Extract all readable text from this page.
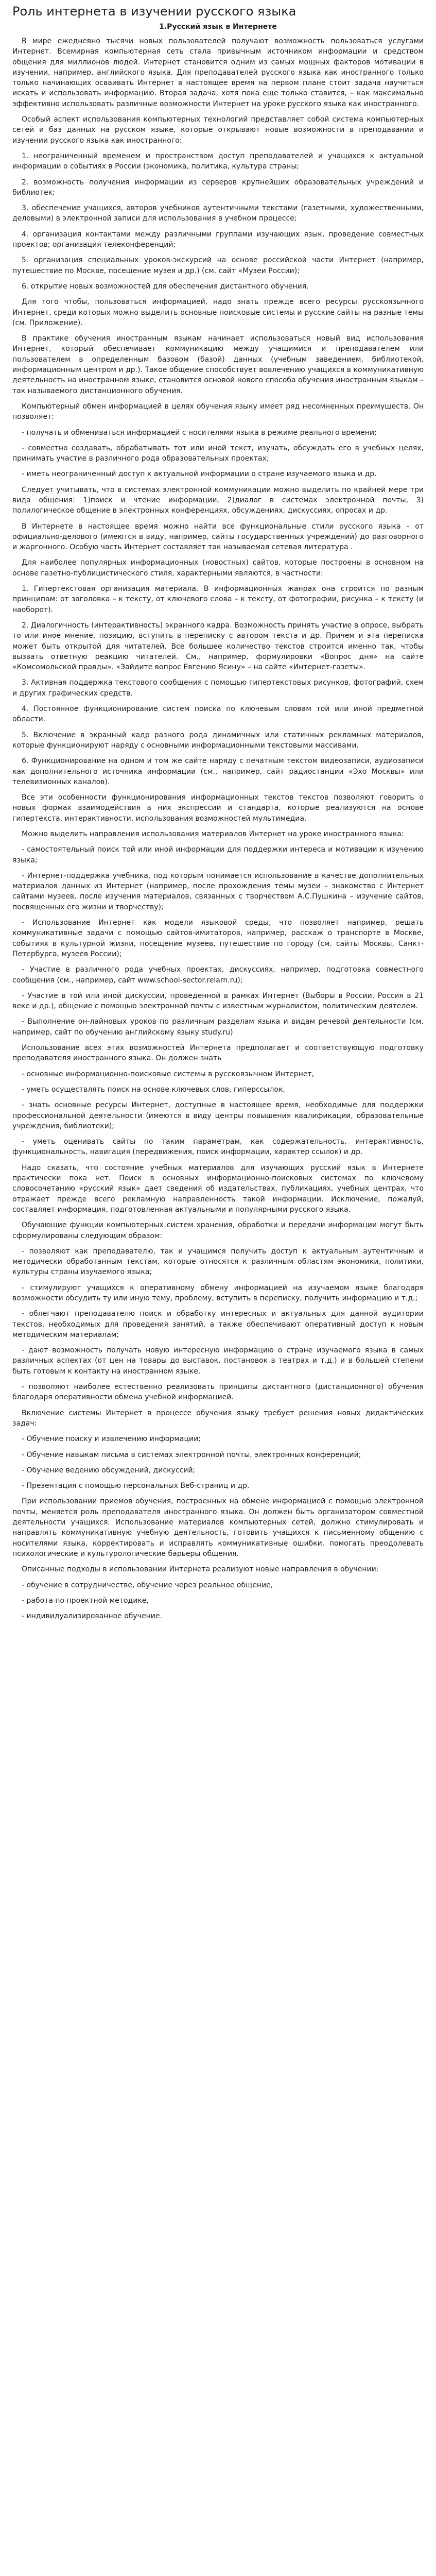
Роль интернета в изучении русского языка
1.Русский язык в Интернете

В мире ежедневно тысячи новых пользователей получают возможность пользоваться услугами Интернет. Всемирная компьютерная сеть стала привычным источником информации и средством общения для миллионов людей. Интернет становится одним из самых мощных факторов мотивации в изучении, например, английского языка. Для преподавателей русского языка как иностранного только только начинающих осваивать Интернет в настоящее время на первом плане стоит задача научиться искать и использовать информацию. Вторая задача, хотя пока еще только ставится, – как максимально эффективно использовать различные возможности Интернет на уроке русского языка как иностранного.

Особый аспект использования компьютерных технологий представляет собой система компьютерных сетей и баз данных на русском языке, которые открывают новые возможности в преподавании и изучении русского языка как иностранного:

1. неограниченный временем и пространством доступ преподавателей и учащихся к актуальной информации о событиях в России (экономика, политика, культура страны;

2. возможность получения информации из серверов крупнейших образовательных учреждений и библиотек;

3. обеспечение учащихся, авторов учебников аутентичными текстами (газетными, художественными, деловыми) в электронной записи для использования в учебном процессе;

4. организация контактами между различными группами изучающих язык, проведение совместных проектов; организация телеконференций;

5. организация специальных уроков-экскурсий на основе российской части Интернет (например, путешествие по Москве, посещение музея и др.) (см. сайт «Музеи России);

6. открытие новых возможностей для обеспечения дистантного обучения.

Для того чтобы, пользоваться информацией, надо знать прежде всего ресурсы русскоязычного Интернет, среди которых можно выделить основные поисковые системы и русские сайты на разные темы (см. Приложение).

В практике обучения иностранным языкам начинает использоваться новый вид использования Интернет, который обеспечивает коммуникацию между учащимися и преподавателем или пользователем в определенным базовом (базой) данных (учебным заведением, библиотекой, информационным центром и др.). Такое общение способствует вовлечению учащихся в коммуникативную деятельность на иностранном языке, становится основой нового способа обучения иностранным языкам – так называемого дистанционного обучения.

Компьютерный обмен информацией в целях обучения языку имеет ряд несомненных преимуществ. Он позволяет:

- получать и обмениваться информацией с носителями языка в режиме реального времени;

- совместно создавать, обрабатывать тот или иной текст, изучать, обсуждать его в учебных целях, принимать участие в различного рода образовательных проектах;

- иметь неограниченный доступ к актуальной информации о стране изучаемого языка и др.

Следует учитывать, что в системах электронной коммуникации можно выделить по крайней мере три вида общения: 1)поиск и чтение информации, 2)диалог в системах электронной почты, 3) полилогическое общение в электронных конференциях, обсуждениях, дискуссиях, опросах и др.

В Интернете в настоящее время можно найти все функциональные стили русского языка – от официально-делового (имеются в виду, например, сайты государственных учреждений) до разговорного и жаргонного. Особую часть Интернет составляет так называемая сетевая литература .

Для наиболее популярных информационных (новостных) сайтов, которые построены в основном на основе газетно-публицистического стиля, характерными являются, в частности:

1. Гипертекстовая организация материала. В информационных жанрах она строится по разным принципам: от заголовка – к тексту, от ключевого слова – к тексту, от фотографии, рисунка – к тексту (и наоборот).

2. Диалогичность (интерактивность) экранного кадра. Возможность принять участие в опросе, выбрать то или иное мнение, позицию, вступить в переписку с автором текста и др. Причем и эта переписка может быть открытой для читателей. Все большее количество текстов строится именно так, чтобы вызвать ответную реакцию читателей. См., например, формулировки «Вопрос дня» на сайте «Комсомольской правды». «Зайдите вопрос Евгению Ясину» – на сайте «Интернет-газеты».

3. Активная поддержка текстового сообщения с помощью гипертекстовых рисунков, фотографий, схем и других графических средств.

4. Постоянное функционирование систем поиска по ключевым словам той или иной предметной области.

5. Включение в экранный кадр разного рода динамичных или статичных рекламных материалов, которые функционируют наряду с основными информационными текстовыми массивами.

6. Функционирование на одном и том же сайте наряду с печатным текстом видеозаписи, аудиозаписи как дополнительного источника информации (см., например, сайт радиостанции «Эхо Москвы» или телевизионных каналов).

Все эти особенности функционирования информационных текстов текстов позволяют говорить о новых формах взаимодействия в них экспрессии и стандарта, которые реализуются на основе гипертекста, интерактивности, использования возможностей мультимедиа.

Можно выделить направления использования материалов Интернет на уроке иностранного языка:

- самостоятельный поиск той или иной информации для поддержки интереса и мотивации к изучению языка;

- Интернет-поддержка учебника, под которым понимается использование в качестве дополнительных материалов данных из Интернет (например, после прохождения темы музеи – знакомство с Интернет сайтами музеев, после изучения материалов, связанных с творчеством А.С.Пушкина – изучение сайтов, посвященных его жизни и творчеству);

- Использование Интернет как модели языковой среды, что позволяет например, решать коммуникативные задачи с помощью сайтов-имитаторов, например, расскаж о транспорте в Москве, событиях в культурной жизни, посещение музеев, путешествие по городу (см. сайты Москвы, Санкт-Петербурга, музеев России);

- Участие в различного рода учебных проектах, дискуссиях, например, подготовка совместного сообщения (см., например, сайт www.school-sector.relarn.ru);

- Участие в той или иной дискуссии, проведенной в рамках Интернет (Выборы в России, Россия в 21 веке и др.), общение с помощью электронной почты с известным журналистом, политическим деятелем.

- Выполнение он-лайновых уроков по различным разделам языка и видам речевой деятельности (см. например, сайт по обучению английскому языку study.ru)

Использование всех этих возможностей Интернета предполагает и соответствующую подготовку преподавателя иностранного языка. Он должен знать

- основные информационно-поисковые системы в русскоязычном Интернет,

- уметь осуществлять поиск на основе ключевых слов, гиперссылок,

- знать основные ресурсы Интернет, доступные в настоящее время, необходимые для поддержки профессиональной деятельности (имеются в виду центры повышения квалификации, образовательные учреждения, библиотеки);

- уметь оценивать сайты по таким параметрам, как содержательность, интерактивность, функциональность, навигация (передвижения, поиск информации, характер ссылок) и др.

Надо сказать, что состояние учебных материалов для изучающих русский язык в Интернете практически пока нет. Поиск в основных информационно-поисковых системах по ключевому словосочетанию «русский язык» дает сведения об издательствах, публикациях, учебных центрах, что отражает прежде всего рекламную направленность такой информации. Исключение, пожалуй, составляет информация, подготовленная актуальными и популярными русского языка.

Обучающие функции компьютерных систем хранения, обработки и передачи информации могут быть сформулированы следующим образом:

- позволяют как преподавателю, так и учащимся получить доступ к актуальным аутентичным и методически обработанным текстам, которые относятся к различным областям экономики, политики, культуры страны изучаемого языка;

- стимулируют учащихся к оперативному обмену информацией на изучаемом языке благодаря возможности обсудить ту или иную тему, проблему, вступить в переписку, получить информацию и т.д.;

- облегчают преподавателю поиск и обработку интересных и актуальных для данной аудитории текстов, необходимых для проведения занятий, а также обеспечивают оперативный доступ к новым методическим материалам;

- дают возможность получать новую интересную информацию о стране изучаемого языка в самых различных аспектах (от цен на товары до выставок, постановок в театрах и т.д.) и в большей степени быть готовым к контакту на иностранном языке.

- позволяют наиболее естественно реализовать принципы дистантного (дистанционного) обучения благодаря оперативности обмена учебной информацией.

Включение системы Интернет в процессе обучения языку требует решения новых дидактических задач:

- Обучение поиску и извлечению информации;

- Обучение навыкам письма в системах электронной почты, электронных конференций;

- Обучение ведению обсуждений, дискуссий;

- Презентация с помощью персональных Веб-страниц и др.

При использовании приемов обучения, построенных на обмене информацией с помощью электронной почты, меняется роль преподавателя иностранного языка. Он должен быть организатором совместной деятельности учащихся. Использование материалов компьютерных сетей, должно стимулировать и направлять коммуникативную учебную деятельность, готовить учащихся к письменному общению с носителями языка, корректировать и исправлять коммуникативные ошибки, помогать преодолевать психологические и культурологические барьеры общения.

Описанные подходы в использовании Интернета реализуют новые направления в обучении:

- обучение в сотрудничестве, обучение через реальное общение,

- работа по проектной методике,

- индивидуализированное обучение.
